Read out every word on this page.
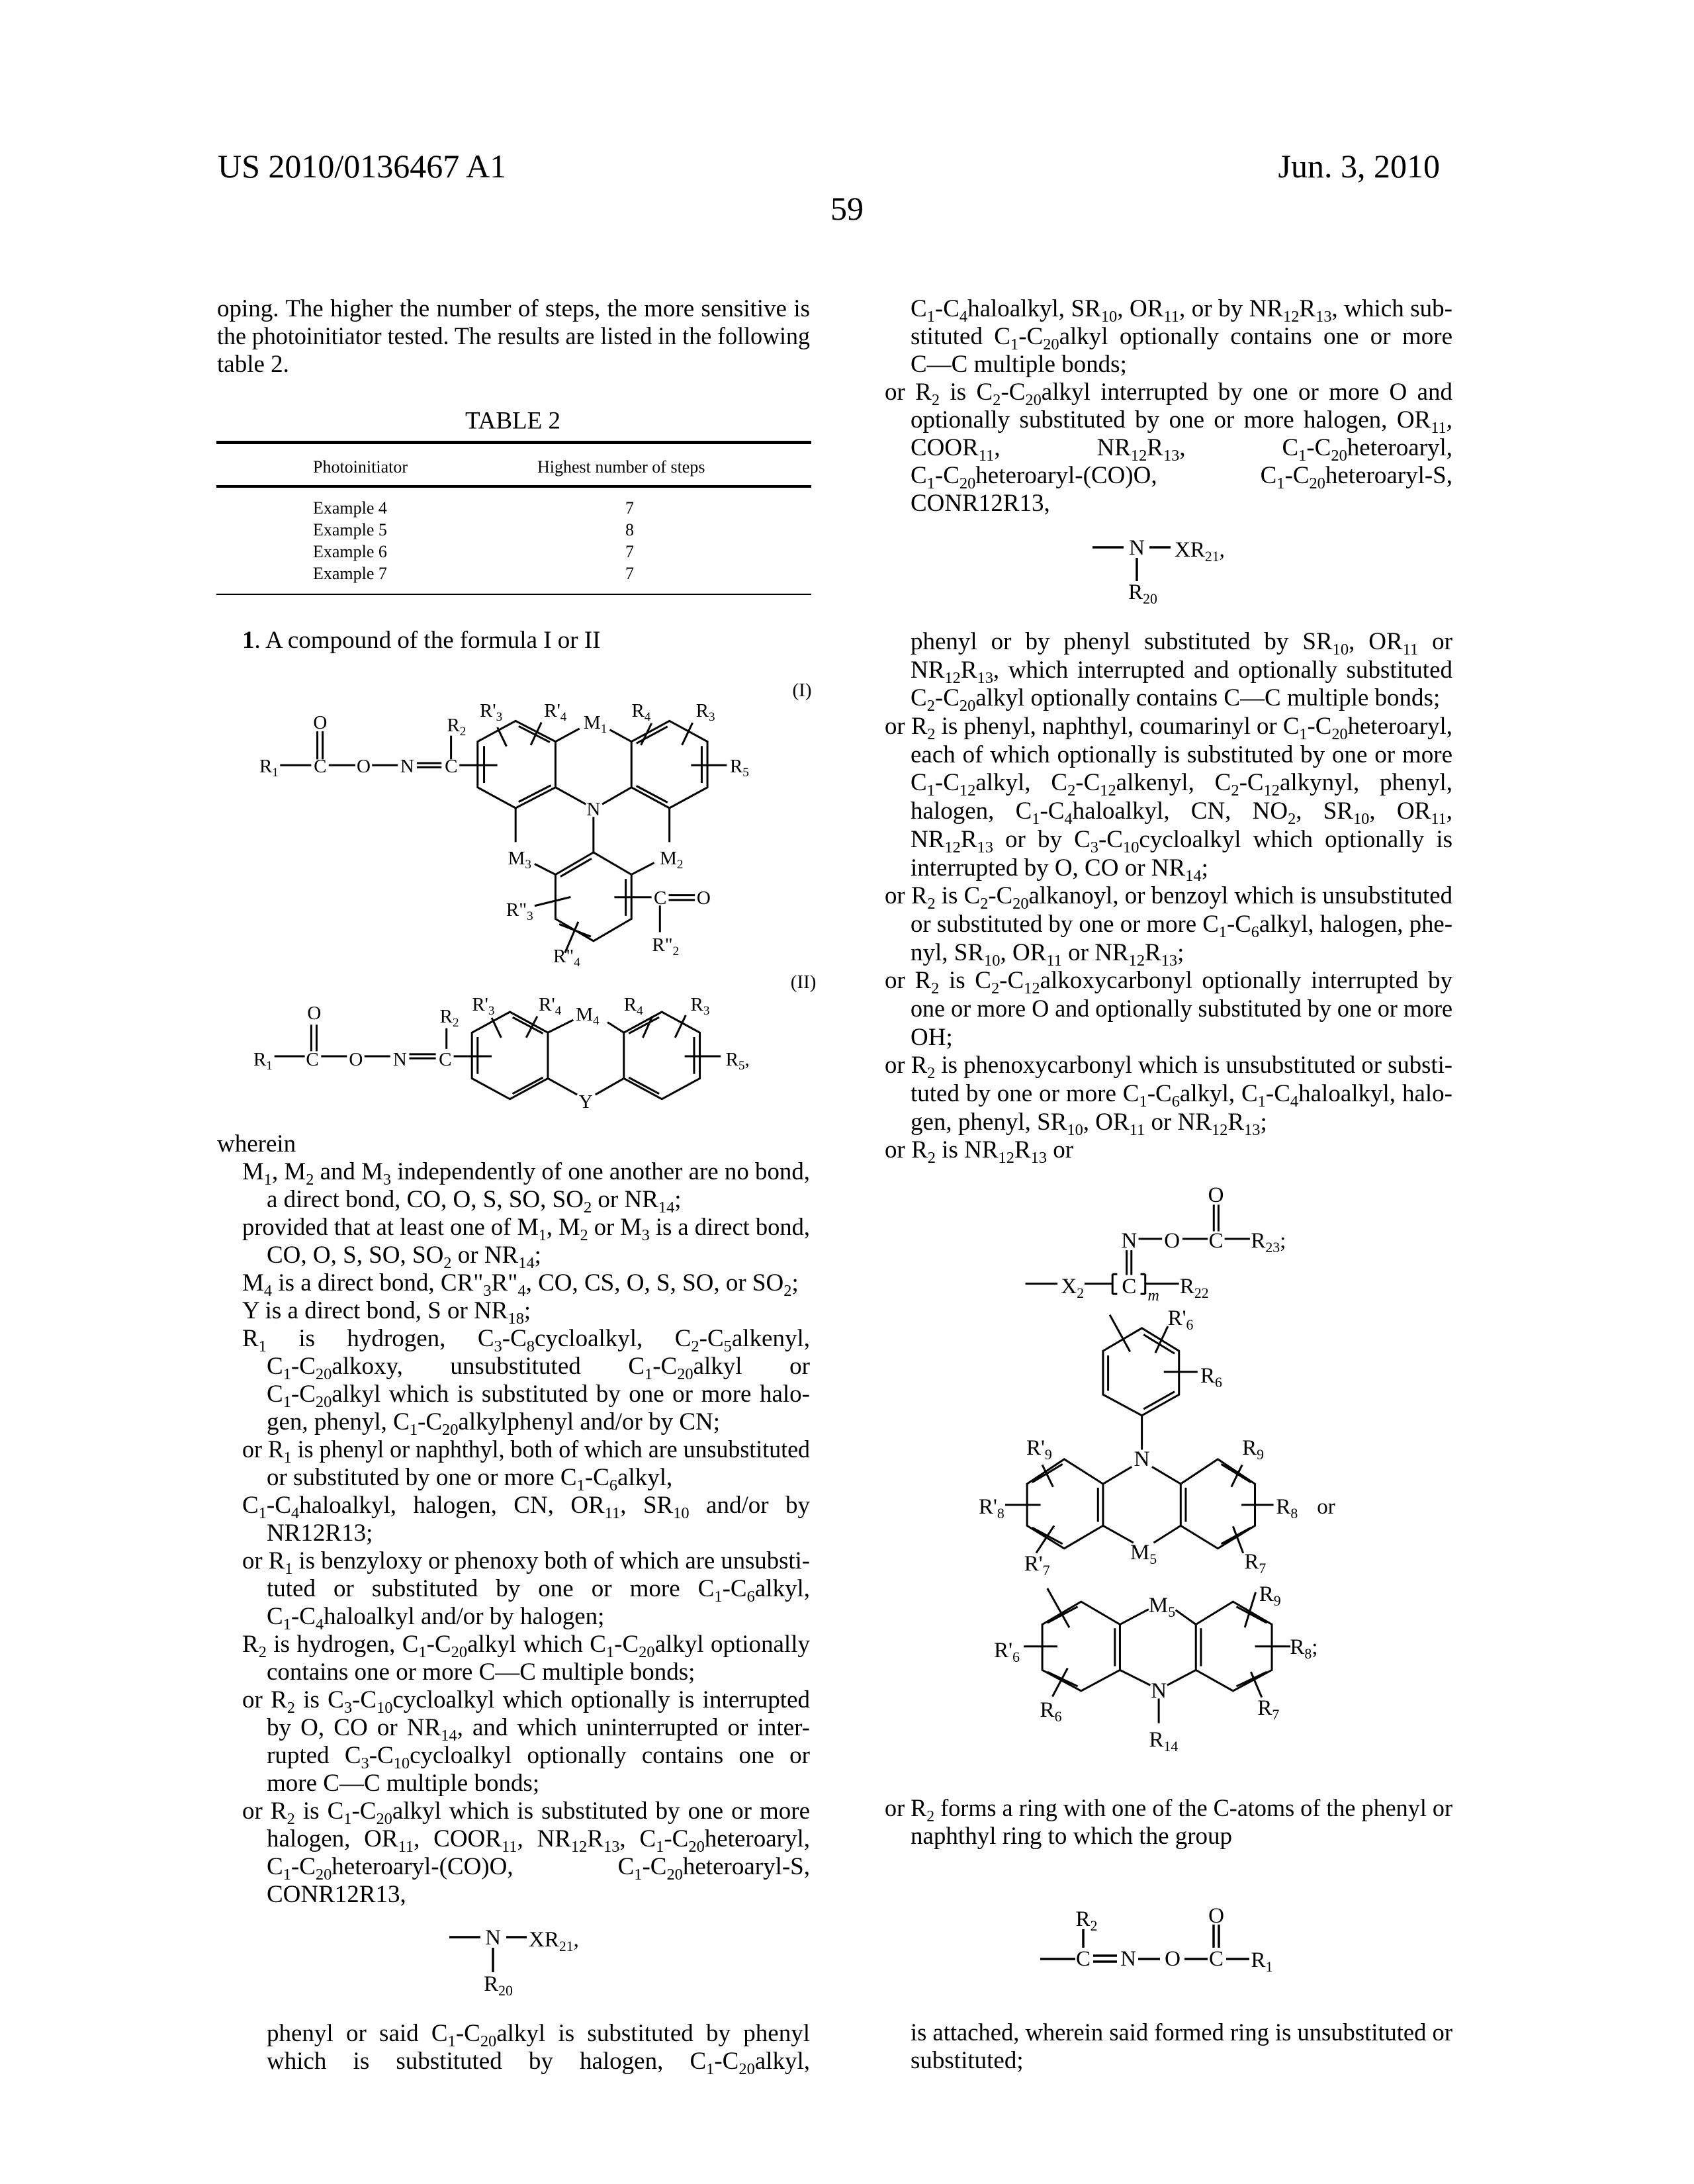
US 2010/0136467 A1
59
Jun. 3, 2010
oping. The higher the number of steps, the more sensitive is
the photoinitiator tested. The results are listed in the following
table 2.
TABLE 2
Photoinitiator	Highest number of steps
Example 4	7
Example 5	8
Example 6	7
Example 7	7
1. A compound of the formula I or II
(I)
O
R1 C O N C
R2
R'3 R'4 M1
R4 R3
R5
N
M3	M2
R"3
C O
R"2
R"4
(II)
O
R1 C O N C
R2
R'3 R'4 M4
R4 R3
R5,
Y
wherein
M1, M2 and M3 independently of one another are no bond,
a direct bond, CO, O, S, SO, SO2 or NR14;
provided that at least one of M1, M2 or M3 is a direct bond,
CO, O, S, SO, SO2 or NR14;
M4 is a direct bond, CR"3R"4, CO, CS, O, S, SO, or SO2;
Y is a direct bond, S or NR18;
R1 is hydrogen, C3-C8cycloalkyl, C2-C5alkenyl,
C1-C20alkoxy, unsubstituted C1-C20alkyl or
C1-C20alkyl which is substituted by one or more halo-
gen, phenyl, C1-C20alkylphenyl and/or by CN;
or R1 is phenyl or naphthyl, both of which are unsubstituted
or substituted by one or more C1-C6alkyl,
C1-C4haloalkyl, halogen, CN, OR11, SR10 and/or by
NR12R13;
or R1 is benzyloxy or phenoxy both of which are unsubsti-
tuted or substituted by one or more C1-C6alkyl,
C1-C4haloalkyl and/or by halogen;
R2 is hydrogen, C1-C20alkyl which C1-C20alkyl optionally
contains one or more C—C multiple bonds;
or R2 is C3-C10cycloalkyl which optionally is interrupted
by O, CO or NR14, and which uninterrupted or inter-
rupted C3-C10cycloalkyl optionally contains one or
more C—C multiple bonds;
or R2 is C1-C20alkyl which is substituted by one or more
halogen, OR11, COOR11, NR12R13, C1-C20heteroaryl,
C1-C20heteroaryl-(CO)O, C1-C20heteroaryl-S,
CONR12R13,
N XR21,
R20
phenyl or said C1-C20alkyl is substituted by phenyl
which is substituted by halogen, C1-C20alkyl,
C1-C4haloalkyl, SR10, OR11, or by NR12R13, which sub-
stituted C1-C20alkyl optionally contains one or more
C—C multiple bonds;
or R2 is C2-C20alkyl interrupted by one or more O and
optionally substituted by one or more halogen, OR11,
COOR11, NR12R13, C1-C20heteroaryl,
C1-C20heteroaryl-(CO)O, C1-C20heteroaryl-S,
CONR12R13,
N XR21,
R20
phenyl or by phenyl substituted by SR10, OR11 or
NR12R13, which interrupted and optionally substituted
C2-C20alkyl optionally contains C—C multiple bonds;
or R2 is phenyl, naphthyl, coumarinyl or C1-C20heteroaryl,
each of which optionally is substituted by one or more
C1-C12alkyl, C2-C12alkenyl, C2-C12alkynyl, phenyl,
halogen, C1-C4haloalkyl, CN, NO2, SR10, OR11,
NR12R13 or by C3-C10cycloalkyl which optionally is
interrupted by O, CO or NR14;
or R2 is C2-C20alkanoyl, or benzoyl which is unsubstituted
or substituted by one or more C1-C6alkyl, halogen, phe-
nyl, SR10, OR11 or NR12R13;
or R2 is C2-C12alkoxycarbonyl optionally interrupted by
one or more O and optionally substituted by one or more
OH;
or R2 is phenoxycarbonyl which is unsubstituted or substi-
tuted by one or more C1-C6alkyl, C1-C4haloalkyl, halo-
gen, phenyl, SR10, OR11 or NR12R13;
or R2 is NR12R13 or
O
N O C R23;
X2 C m R22
R'6
R6
N
R'9	R9
R'8	R8 or
M5
R'7	R7
M5
R9
R'6	R8;
N
R6	R7
R14
or R2 forms a ring with one of the C-atoms of the phenyl or
naphthyl ring to which the group
R2	O
C N O C R1
is attached, wherein said formed ring is unsubstituted or
substituted;
